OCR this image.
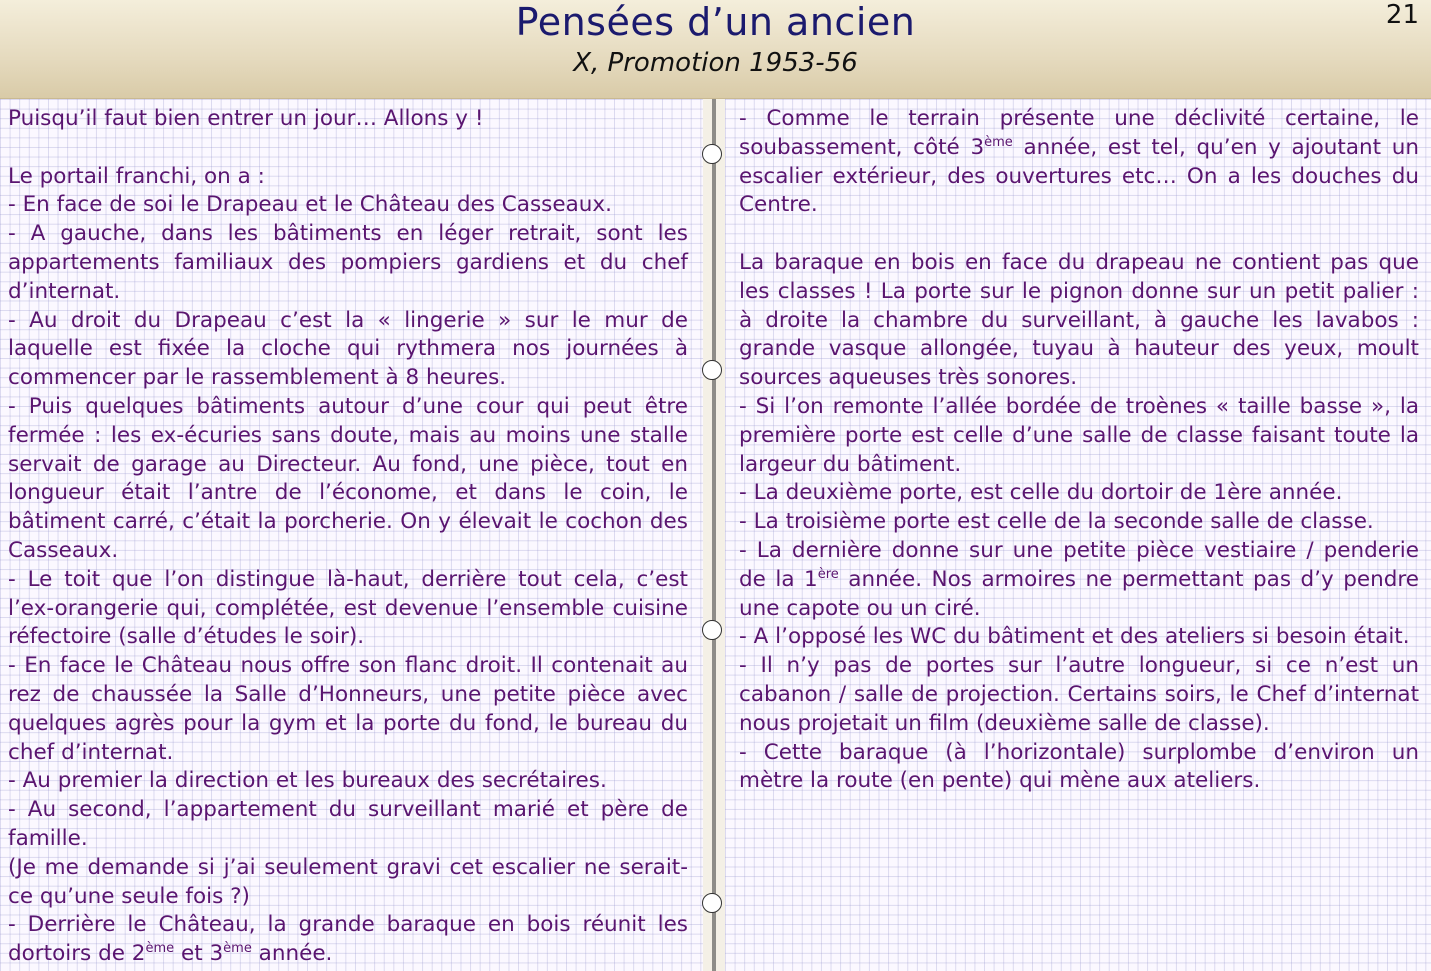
Pensées d’un ancien
X, Promotion 1953-56
21

Puisqu’il faut bien entrer un jour… Allons y !

Le portail franchi, on a :

- En face de soi le Drapeau et le Château des Casseaux.

- A gauche, dans les bâtiments en léger retrait, sont les appartements familiaux des pompiers gardiens et du chef d’internat.

- Au droit du Drapeau c’est la « lingerie » sur le mur de laquelle est fixée la cloche qui rythmera nos journées à commencer par le rassemblement à 8 heures.

- Puis quelques bâtiments autour d’une cour qui peut être fermée : les ex-écuries sans doute, mais au moins une stalle servait de garage au Directeur. Au fond, une pièce, tout en longueur était l’antre de l’économe, et dans le coin, le bâtiment carré, c’était la porcherie. On y élevait le cochon des Casseaux.

- Le toit que l’on distingue là-haut, derrière tout cela, c’est l’ex-orangerie qui, complétée, est devenue l’ensemble cuisine réfectoire (salle d’études le soir).

- En face le Château nous offre son flanc droit. Il contenait au rez de chaussée la Salle d’Honneurs, une petite pièce avec quelques agrès pour la gym et la porte du fond, le bureau du chef d’internat.

- Au premier la direction et les bureaux des secrétaires.

- Au second, l’appartement du surveillant marié et père de famille.

(Je me demande si j’ai seulement gravi cet escalier ne serait-ce qu’une seule fois ?)

- Derrière le Château, la grande baraque en bois réunit les dortoirs de 2ème et 3ème année.

- Comme le terrain présente une déclivité certaine, le soubassement, côté 3ème année, est tel, qu’en y ajoutant un escalier extérieur, des ouvertures etc… On a les douches du Centre.

La baraque en bois en face du drapeau ne contient pas que les classes ! La porte sur le pignon donne sur un petit palier : à droite la chambre du surveillant, à gauche les lavabos : grande vasque allongée, tuyau à hauteur des yeux, moult sources aqueuses très sonores.

- Si l’on remonte l’allée bordée de troènes « taille basse », la première porte est celle d’une salle de classe faisant toute la largeur du bâtiment.

- La deuxième porte, est celle du dortoir de 1ère année.

- La troisième porte est celle de la seconde salle de classe.

- La dernière donne sur une petite pièce vestiaire / penderie de la 1ère année. Nos armoires ne permettant pas d’y pendre une capote ou un ciré.

- A l’opposé les WC du bâtiment et des ateliers si besoin était.

- Il n’y pas de portes sur l’autre longueur, si ce n’est un cabanon / salle de projection. Certains soirs, le Chef d’internat nous projetait un film (deuxième salle de classe).

- Cette baraque (à l’horizontale) surplombe d’environ un mètre la route (en pente) qui mène aux ateliers.
